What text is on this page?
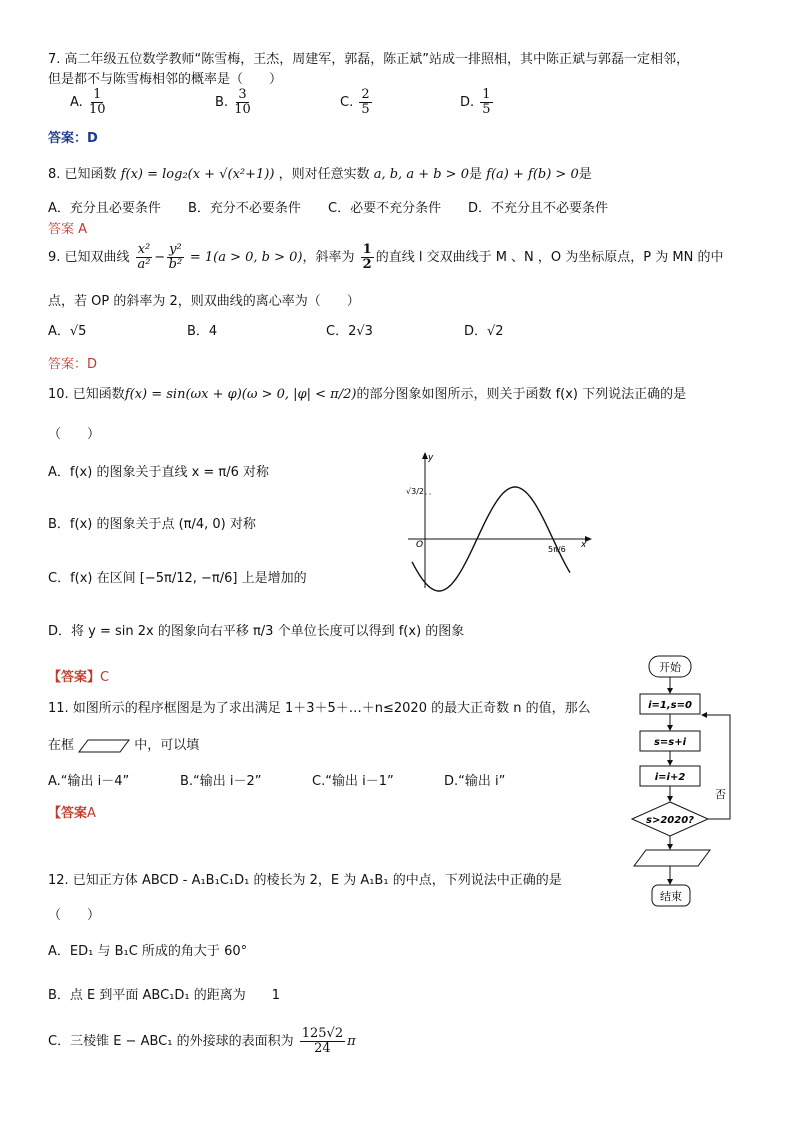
7. 高二年级五位数学教师“陈雪梅，王杰，周建军，郭磊，陈正斌”站成一排照相，其中陈正斌与郭磊一定相邻，
但是都不与陈雪梅相邻的概率是（　　）
A. $\frac{1}{10}$	B. $\frac{3}{10}$	C. $\frac{2}{5}$	D. $\frac{1}{5}$
答案：D
8. 已知函数 f(x) = log₂(x + √(x²+1)) ，则对任意实数 a, b, a + b > 0是 f(a) + f(b) > 0是
A．充分且必要条件 B．充分不必要条件 C．必要不充分条件 D．不充分且不必要条件
答案 A
9. 已知双曲线 $\frac{\text{x²}}{\text{a²}} - \frac{\text{y²}}{\text{b²}} = 1(a > 0$, b > 0)，斜率为 $\frac{1}{2}$ 的直线 l 交双曲线于 M 、N ，O 为坐标原点，P 为 MN 的中
点，若 OP 的斜率为 2，则双曲线的离心率为（　　）
A．√5	B．4	C．2√3	D．√2
答案：D
10. 已知函数f(x) = sin(ωx + φ)(ω > 0, |φ| < π/2)的部分图象如图所示，则关于函数 f(x) 下列说法正确的是
（　　）
A．f(x) 的图象关于直线 x = π/6 对称
B．f(x) 的图象关于点 (π/4, 0) 对称
C．f(x) 在区间 [−5π/12, −π/6] 上是增加的
D．将 y = sin 2x 的图象向右平移 π/3 个单位长度可以得到 f(x) 的图象
【答案】C
y
x
O
√3/2
5π/6
11. 如图所示的程序框图是为了求出满足 1＋3＋5＋…＋n≤2020 的最大正奇数 n 的值，那么
在框	中，可以填
A.“输出 i－4”	B.“输出 i－2”	C.“输出 i－1”	D.“输出 i”
【答案A
开始
i=1,s=0
s=s+i
i=i+2
s>2020?
否
结束
12. 已知正方体 ABCD - A₁B₁C₁D₁ 的棱长为 2，E 为 A₁B₁ 的中点，下列说法中正确的是
（　　）
A．ED₁ 与 B₁C 所成的角大于 60°
B．点 E 到平面 ABC₁D₁ 的距离为　　1
C．三棱锥 E − ABC₁ 的外接球的表面积为 $\frac{125√2}{24}$ π
